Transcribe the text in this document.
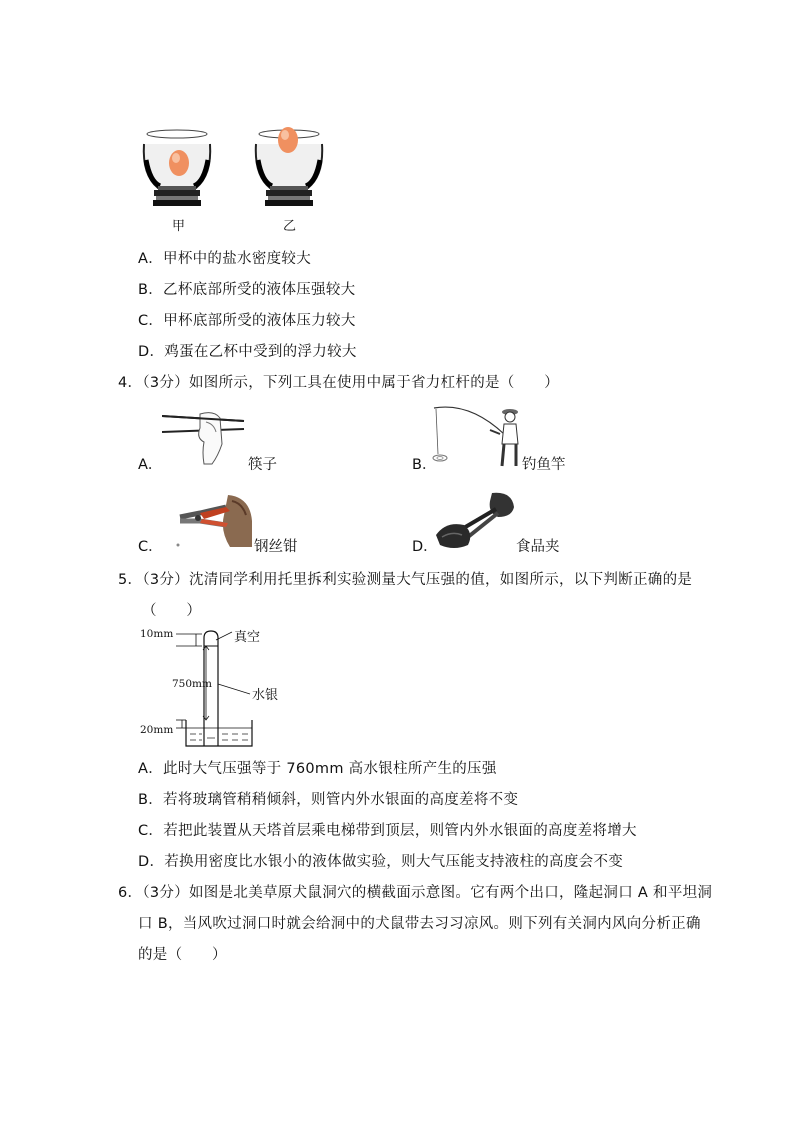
甲	乙
A．甲杯中的盐水密度较大
B．乙杯底部所受的液体压强较大
C．甲杯底部所受的液体压力较大
D．鸡蛋在乙杯中受到的浮力较大
4．（3分）如图所示，下列工具在使用中属于省力杠杆的是（　　）
A．	筷子	B．	钓鱼竿
C．	钢丝钳	D．	食品夹
5．（3分）沈清同学利用托里拆利实验测量大气压强的值，如图所示，以下判断正确的是
（　　）
10mm
750mm
20mm
真空
水银
A．此时大气压强等于 760mm 高水银柱所产生的压强
B．若将玻璃管稍稍倾斜，则管内外水银面的高度差将不变
C．若把此装置从天塔首层乘电梯带到顶层，则管内外水银面的高度差将增大
D．若换用密度比水银小的液体做实验，则大气压能支持液柱的高度会不变
6．（3分）如图是北美草原犬鼠洞穴的横截面示意图。它有两个出口，隆起洞口 A 和平坦洞
口 B，当风吹过洞口时就会给洞中的犬鼠带去习习凉风。则下列有关洞内风向分析正确
的是（　　）
